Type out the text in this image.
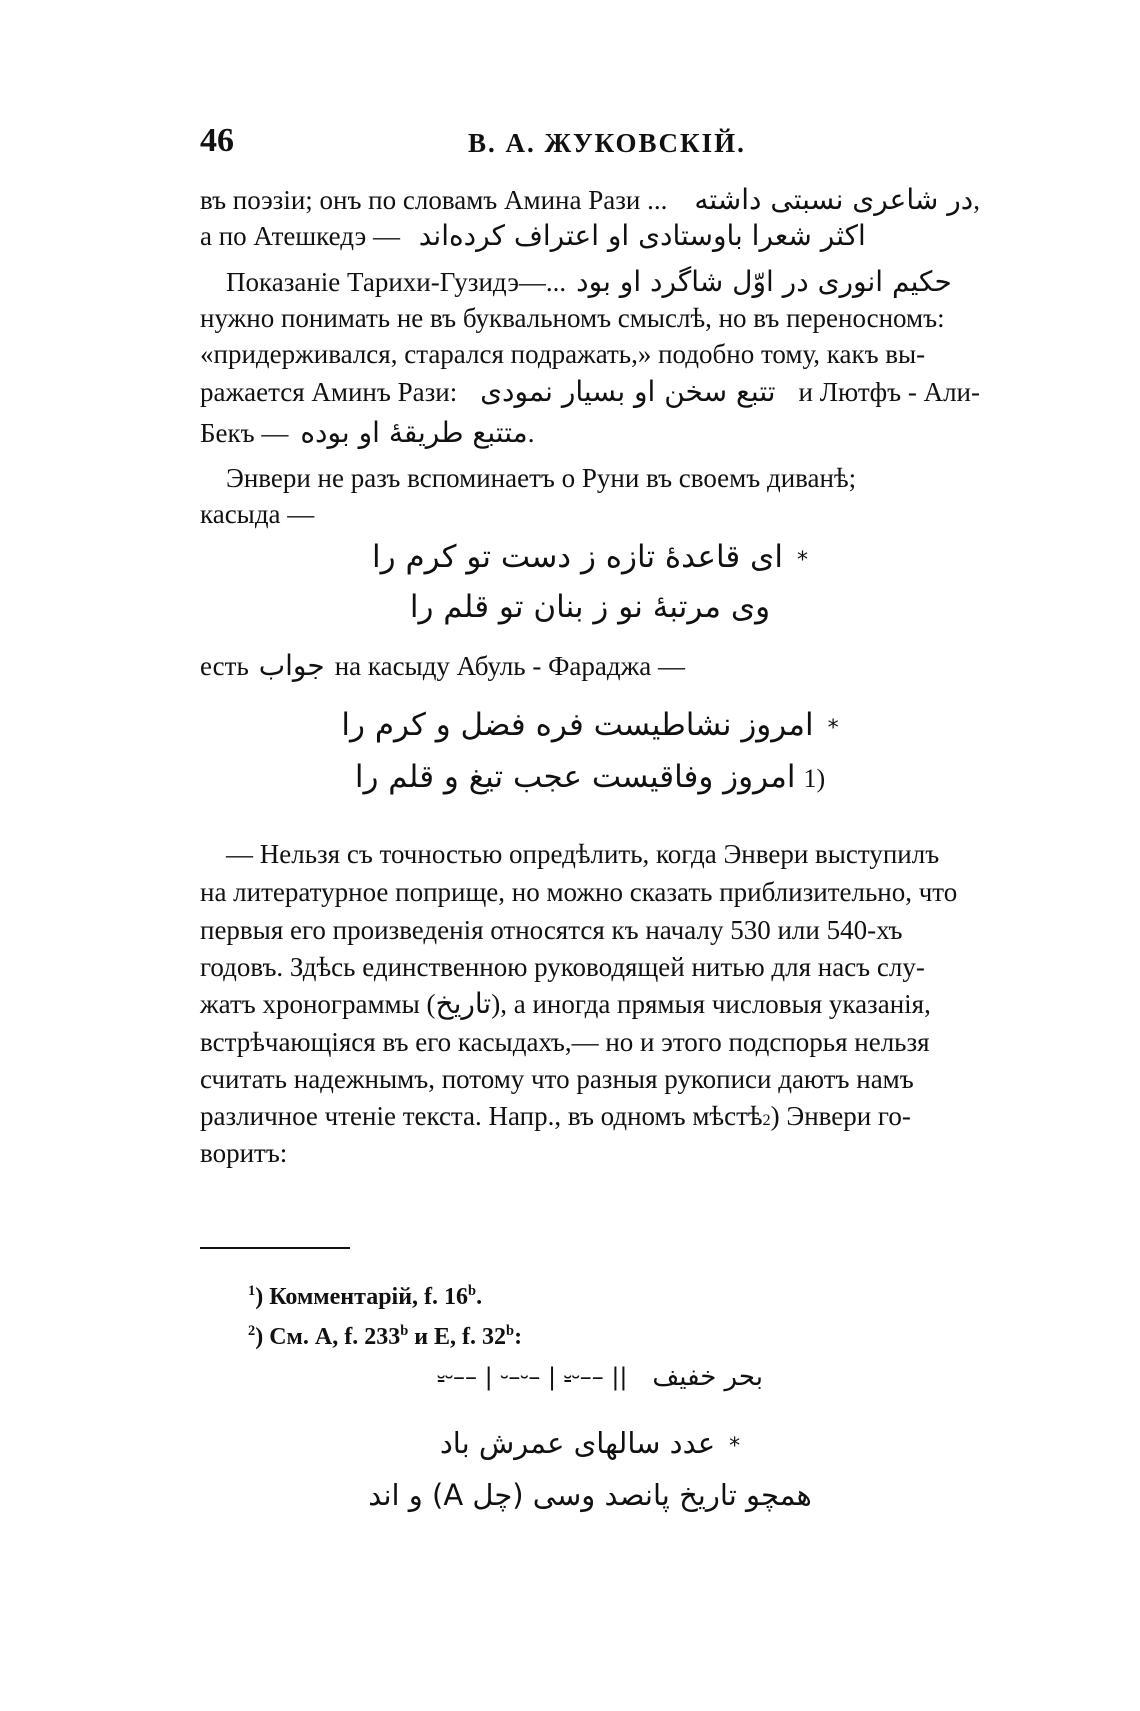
46	В. А. ЖУКОВСКІЙ.
въ поэзіи; онъ по словамъ Амина Рази ... در شاعری نسبتی داشته,
а по Атешкедэ —
اکثر شعرا باوستادی او اعتراف کرده‌اند
Показаніе Тарихи-Гузидэ—... حکیم انوری در اوّل شاگرد او بود
нужно понимать не въ буквальномъ смыслѣ, но въ переносномъ:
«придерживался, старался подражать,» подобно тому, какъ вы-
ражается Аминъ Рази: تتبع سخن او بسیار نمودی и Лютфъ - Али-
Бекъ — متتبع طریقهٔ او بوده .
Энвери не разъ вспоминаетъ о Руни въ своемъ диванѣ;
касыда —
*ای قاعدهٔ تازه ز دست تو کرم را
وی مرتبهٔ نو ز بنان تو قلم را
есть جواب на касыду Абуль - Фараджа —
*امروز نشاطیست فره فضل و کرم را
(1امروز وفاقیست عجب تیغ و قلم را
— Нельзя съ точностью опредѣлить, когда Энвери выступилъ
на литературное поприще, но можно сказать приблизительно, что
первыя его произведенія относятся къ началу 530 или 540-хъ
годовъ. Здѣсь единственною руководящей нитью для насъ слу-
жатъ хронограммы (تاریخ), а иногда прямыя числовыя указанія,
встрѣчающіяся въ его касыдахъ,— но и этого подспорья нельзя
считать надежнымъ, потому что разныя рукописи даютъ намъ
различное чтеніе текста. Напр., въ одномъ мѣстѣ 2 ) Энвери го-
воритъ:
$^1$) Комментарій, f. 16$^b$.
$^2$) См. A, f. 233$^b$ и E, f. 32$^b$:
بحر خفیف   ⏓⏑–– | ⏑–⏑– | ⏓⏑–– ||
*عدد سالهای عمرش باد
همچو تاریخ پانصد وسی (چل A) و اند
